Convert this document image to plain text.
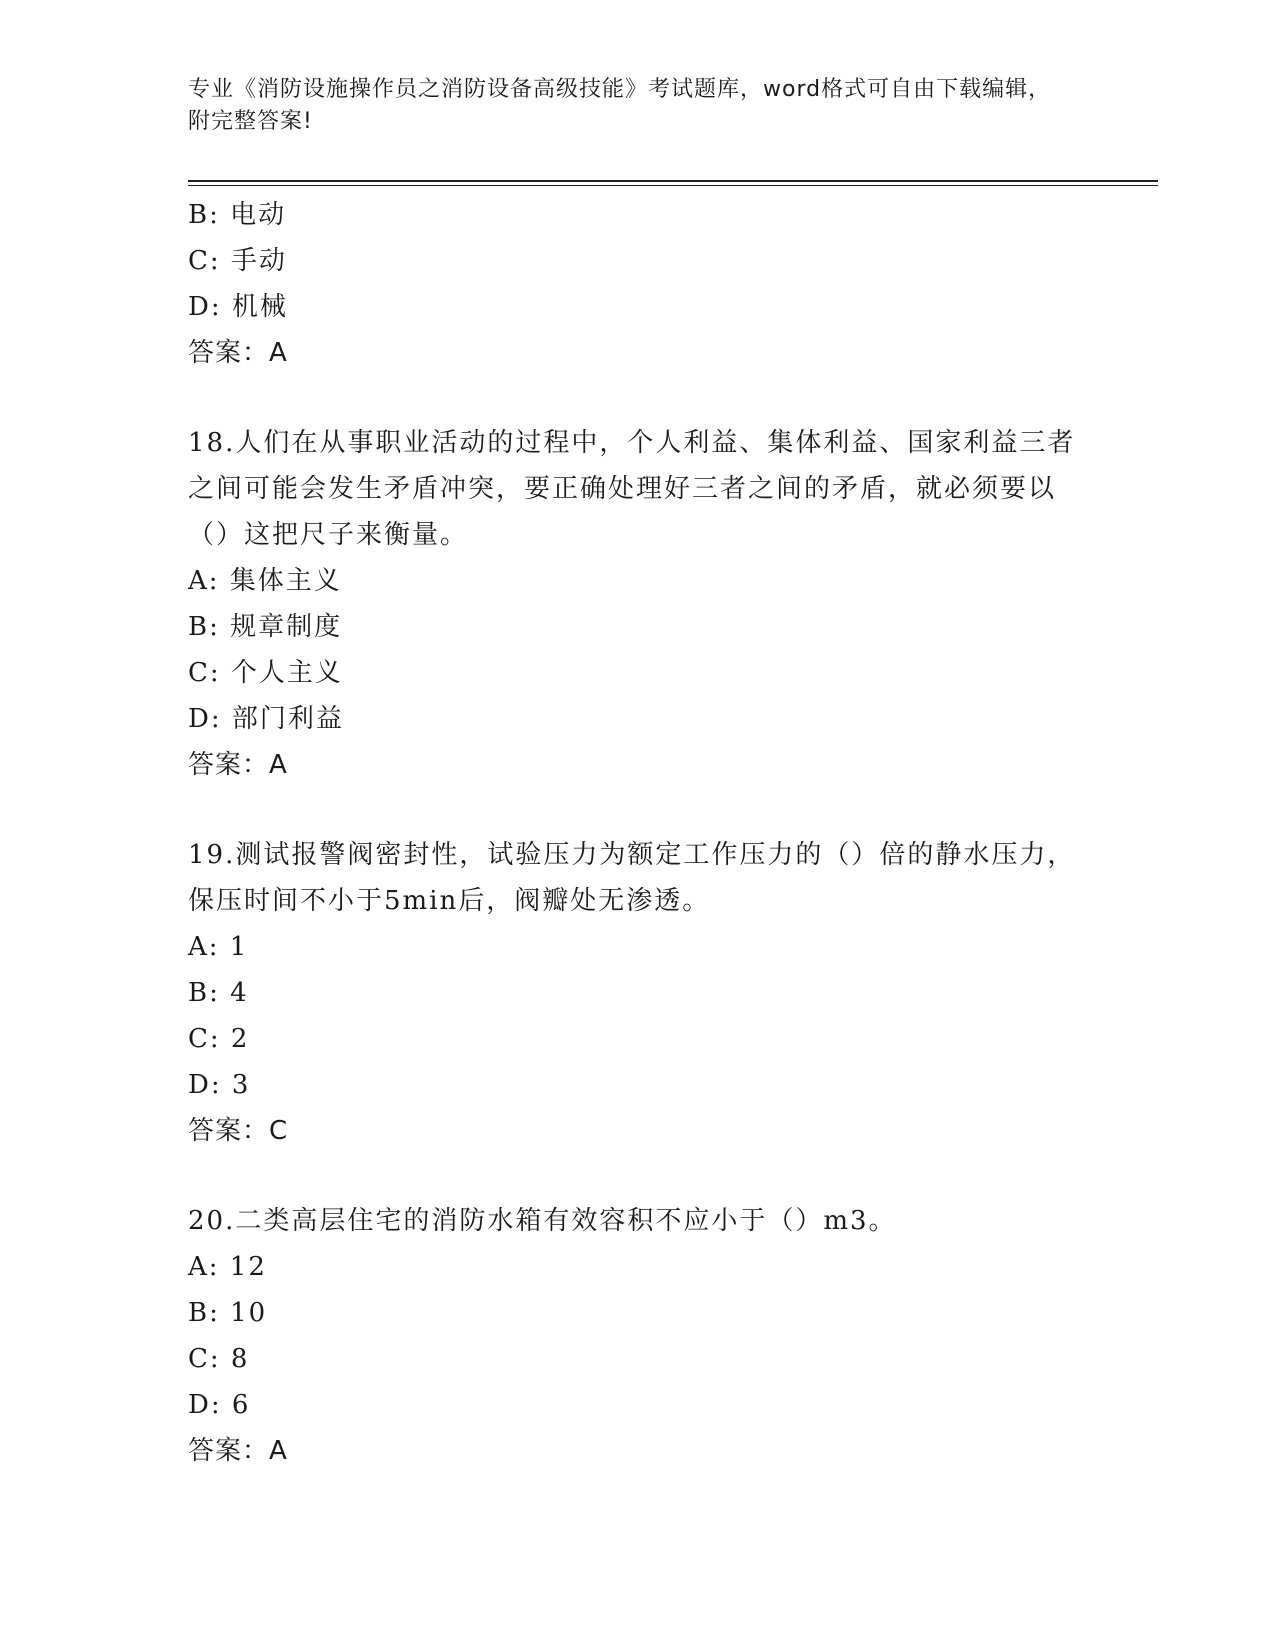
专业《消防设施操作员之消防设备高级技能》考试题库，word格式可自由下载编辑，附完整答案!
B: 电动
C: 手动
D: 机械
答案：A
18.人们在从事职业活动的过程中，个人利益、集体利益、国家利益三者之间可能会发生矛盾冲突，要正确处理好三者之间的矛盾，就必须要以（）这把尺子来衡量。
A: 集体主义
B: 规章制度
C: 个人主义
D: 部门利益
答案：A
19.测试报警阀密封性，试验压力为额定工作压力的（）倍的静水压力，保压时间不小于5min后，阀瓣处无渗透。
A: 1
B: 4
C: 2
D: 3
答案：C
20.二类高层住宅的消防水箱有效容积不应小于（）m3。
A: 12
B: 10
C: 8
D: 6
答案：A
